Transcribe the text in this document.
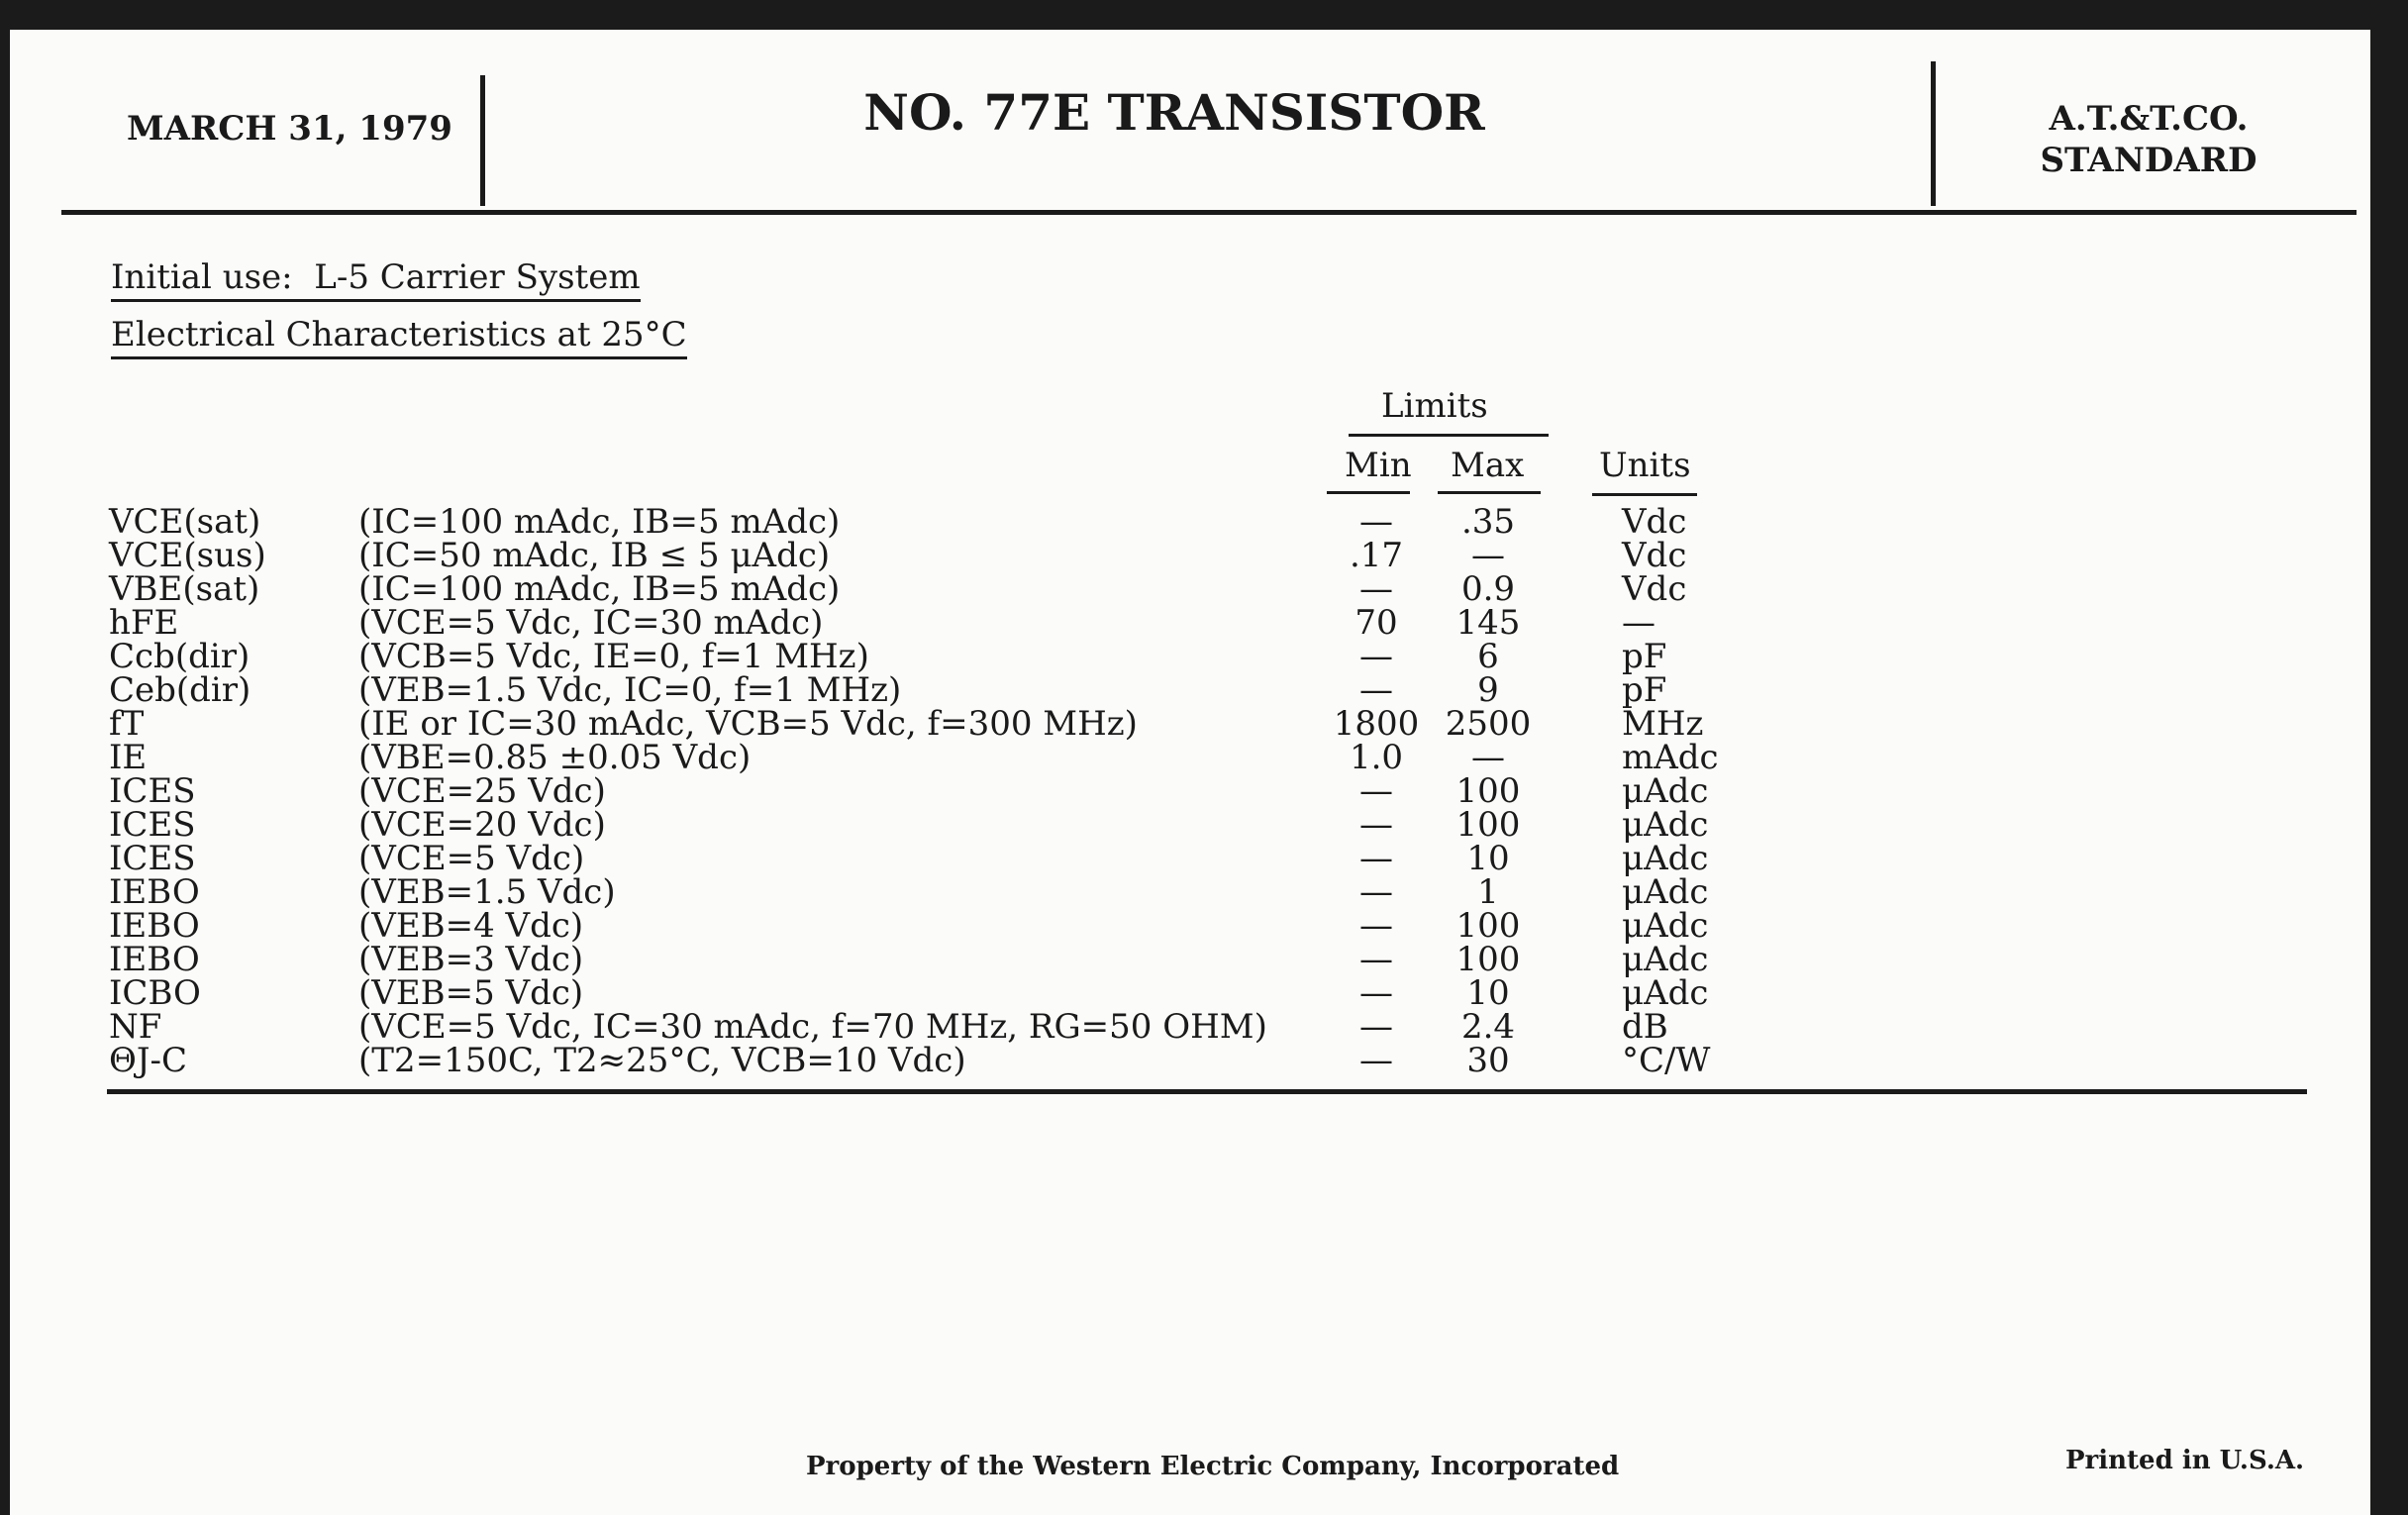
MARCH 31, 1979	NO. 77E TRANSISTOR	A.T.&T.CO.
STANDARD
Initial use: L-5 Carrier System
Electrical Characteristics at 25°C
Limits
Min Max Units
VCE(sat)	(IC=100 mAdc, IB=5 mAdc)	—	.35	Vdc
VCE(sus)	(IC=50 mAdc, IB ≤ 5 μAdc)	.17	—	Vdc
VBE(sat)	(IC=100 mAdc, IB=5 mAdc)	—	0.9	Vdc
hFE	(VCE=5 Vdc, IC=30 mAdc)	70	145	—
Ccb(dir)	(VCB=5 Vdc, IE=0, f=1 MHz)	—	6	pF
Ceb(dir)	(VEB=1.5 Vdc, IC=0, f=1 MHz)	—	9	pF
fT	(IE or IC=30 mAdc, VCB=5 Vdc, f=300 MHz)	1800 2500	MHz
IE	(VBE=0.85 ±0.05 Vdc)	1.0	—	mAdc
ICES	(VCE=25 Vdc)	—	100	μAdc
ICES	(VCE=20 Vdc)	—	100	μAdc
ICES	(VCE=5 Vdc)	—	10	μAdc
IEBO	(VEB=1.5 Vdc)	—	1	μAdc
IEBO	(VEB=4 Vdc)	—	100	μAdc
IEBO	(VEB=3 Vdc)	—	100	μAdc
ICBO	(VEB=5 Vdc)	—	10	μAdc
NF	(VCE=5 Vdc, IC=30 mAdc, f=70 MHz, RG=50 OHM)	—	2.4	dB
ΘJ-C	(T2=150C, T2≈25°C, VCB=10 Vdc)	—	30	°C/W
Property of the Western Electric Company, Incorporated	Printed in U.S.A.
